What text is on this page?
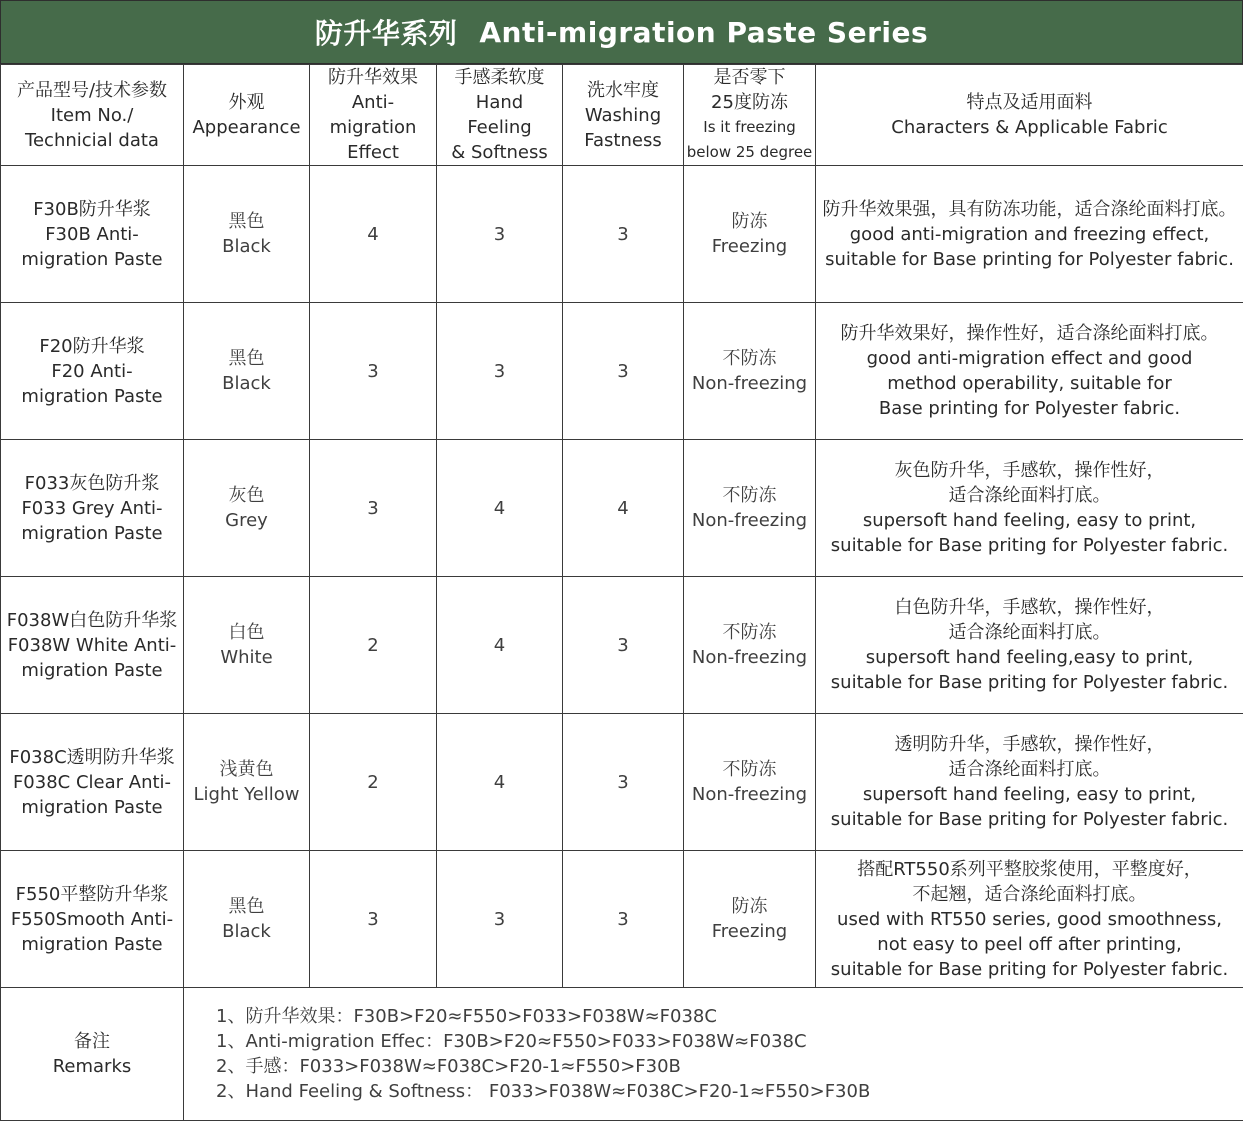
防升华系列 Anti-migration Paste Series
产品型号/技术参数
Item No./
Technicial data	外观
Appearance	防升华效果
Anti-
migration
Effect	手感柔软度
Hand
Feeling
& Softness	洗水牢度
Washing
Fastness	是否零下
25度防冻
Is it freezing
below 25 degree	特点及适用面料
Characters & Applicable Fabric

F30B防升华浆
F30B Anti-
migration Paste	黑色
Black	4	3	3	防冻
Freezing	防升华效果强，具有防冻功能，适合涤纶面料打底。
good anti-migration and freezing effect,
suitable for Base printing for Polyester fabric.

F20防升华浆
F20 Anti-
migration Paste	黑色
Black	3	3	3	不防冻
Non-freezing	防升华效果好，操作性好，适合涤纶面料打底。
good anti-migration effect and good
method operability, suitable for
Base printing for Polyester fabric.

F033灰色防升浆
F033 Grey Anti-
migration Paste	灰色
Grey	3	4	4	不防冻
Non-freezing	灰色防升华，手感软，操作性好，
适合涤纶面料打底。
supersoft hand feeling, easy to print,
suitable for Base priting for Polyester fabric.

F038W白色防升华浆
F038W White Anti-
migration Paste	白色
White	2	4	3	不防冻
Non-freezing	白色防升华，手感软，操作性好，
适合涤纶面料打底。
supersoft hand feeling,easy to print,
suitable for Base priting for Polyester fabric.

F038C透明防升华浆
F038C Clear Anti-
migration Paste	浅黄色
Light Yellow	2	4	3	不防冻
Non-freezing	透明防升华，手感软，操作性好，
适合涤纶面料打底。
supersoft hand feeling, easy to print,
suitable for Base priting for Polyester fabric.

F550平整防升华浆
F550Smooth Anti-
migration Paste	黑色
Black	3	3	3	防冻
Freezing	搭配RT550系列平整胶浆使用，平整度好，
不起翘，适合涤纶面料打底。
used with RT550 series, good smoothness,
not easy to peel off after printing,
suitable for Base priting for Polyester fabric.

备注
Remarks	1、防升华效果：F30B>F20≈F550>F033>F038W≈F038C
1、Anti-migration Effec：F30B>F20≈F550>F033>F038W≈F038C
2、手感：F033>F038W≈F038C>F20-1≈F550>F30B
2、Hand Feeling & Softness： F033>F038W≈F038C>F20-1≈F550>F30B					
